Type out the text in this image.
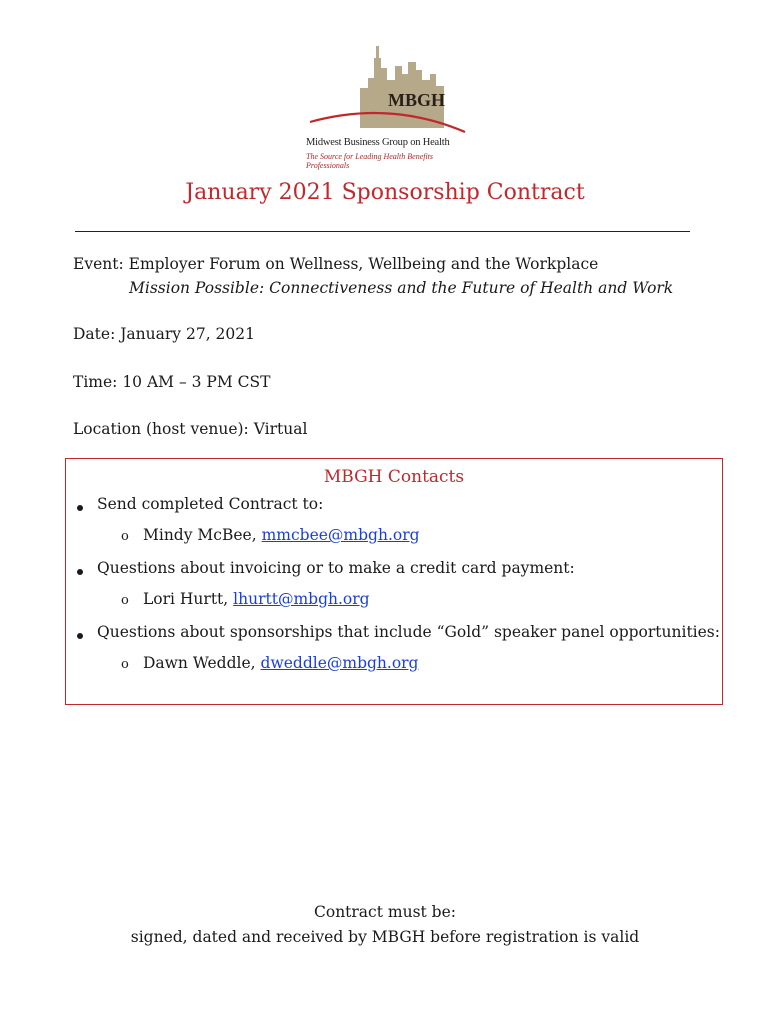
MBGH
Midwest Business Group on Health
The Source for Leading Health Benefits Professionals
January 2021 Sponsorship Contract
Event: Employer Forum on Wellness, Wellbeing and the Workplace
Mission Possible: Connectiveness and the Future of Health and Work
Date: January 27, 2021
Time: 10 AM – 3 PM CST
Location (host venue): Virtual
MBGH Contacts
Send completed Contract to:
o Mindy McBee, mmcbee@mbgh.org
Questions about invoicing or to make a credit card payment:
o Lori Hurtt, lhurtt@mbgh.org
Questions about sponsorships that include “Gold” speaker panel opportunities:
o Dawn Weddle, dweddle@mbgh.org
Contract must be:
signed, dated and received by MBGH before registration is valid
